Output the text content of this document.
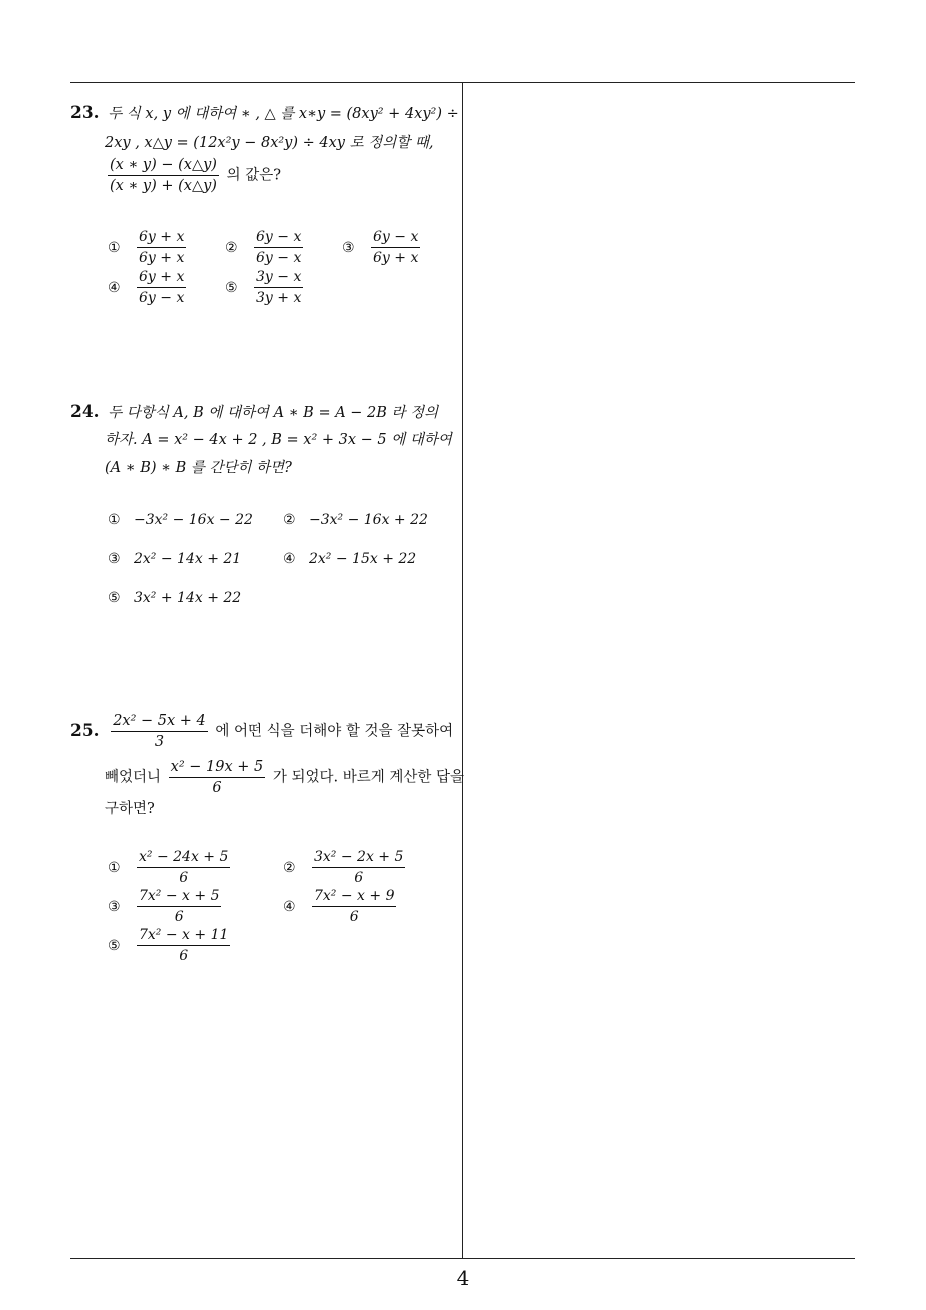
4
23. 두 식 x, y 에 대하여 ∗ , △ 를 x∗y = (8xy² + 4xy²) ÷
2xy , x△y = (12x²y − 8x²y) ÷ 4xy 로 정의할 때,
$\frac{(x ∗ y) - (x\triangle y)}{(x ∗ y) + (x\triangle y)}$ 의 값은?
①	$\frac{6y + x}{6y + x}$	②	$\frac{6y - x}{6y - x}$	③	$\frac{6y - x}{6y + x}$
④	$\frac{6y + x}{6y - x}$	⑤	$\frac{3y - x}{3y + x}$
24. 두 다항식 A, B 에 대하여 A ∗ B = A − 2B 라 정의
하자. A = x² − 4x + 2 , B = x² + 3x − 5 에 대하여
(A ∗ B) ∗ B 를 간단히 하면?
① −3x² − 16x − 22 ② −3x² − 16x + 22
③ 2x² − 14x + 21	④ 2x² − 15x + 22
⑤ 3x² + 14x + 22
25. $\frac{\text{2x² − 5x + 4}}{3}$ 에 어떤 식을 더해야 할 것을 잘못하여
빼었더니 $\frac{\text{x² − 19x + 5}}{6}$ 가 되었다. 바르게 계산한 답을
구하면?
①	$\frac{\text{x² − 24x + 5}}{6}$	②	$\frac{\text{3x² − 2x + 5}}{6}$
③	$\frac{\text{7x² − x + 5}}{6}$	④	$\frac{\text{7x² − x + 9}}{6}$
⑤	$\frac{\text{7x² − x + 11}}{6}$
